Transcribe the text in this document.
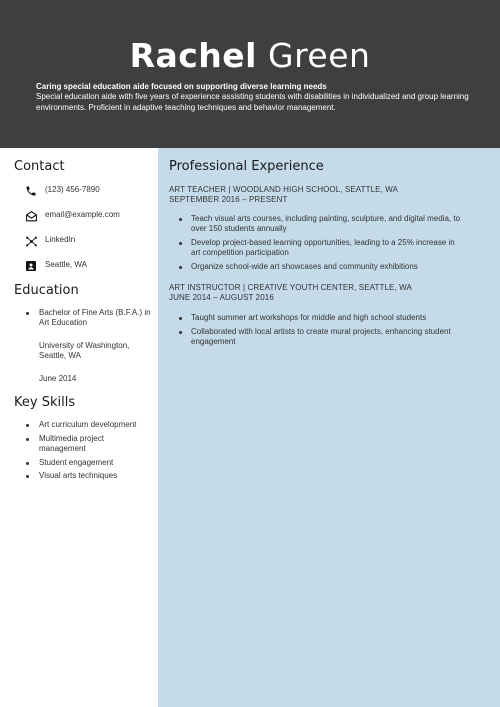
Rachel Green
Caring special education aide focused on supporting diverse learning needs
Special education aide with five years of experience assisting students with disabilities in individualized and group learning environments. Proficient in adaptive teaching techniques and behavior management.
Contact
(123) 456-7890
email@example.com
LinkedIn
Seattle, WA
Education
Bachelor of Fine Arts (B.F.A.) in Art Education
University of Washington, Seattle, WA
June 2014
Key Skills
Art curriculum development
Multimedia project management
Student engagement
Visual arts techniques
Professional Experience
ART TEACHER | WOODLAND HIGH SCHOOL, SEATTLE, WA
SEPTEMBER 2016 – PRESENT
Teach visual arts courses, including painting, sculpture, and digital media, to over 150 students annually
Develop project-based learning opportunities, leading to a 25% increase in art competition participation
Organize school-wide art showcases and community exhibitions
ART INSTRUCTOR | CREATIVE YOUTH CENTER, SEATTLE, WA
JUNE 2014 – AUGUST 2016
Taught summer art workshops for middle and high school students
Collaborated with local artists to create mural projects, enhancing student engagement
